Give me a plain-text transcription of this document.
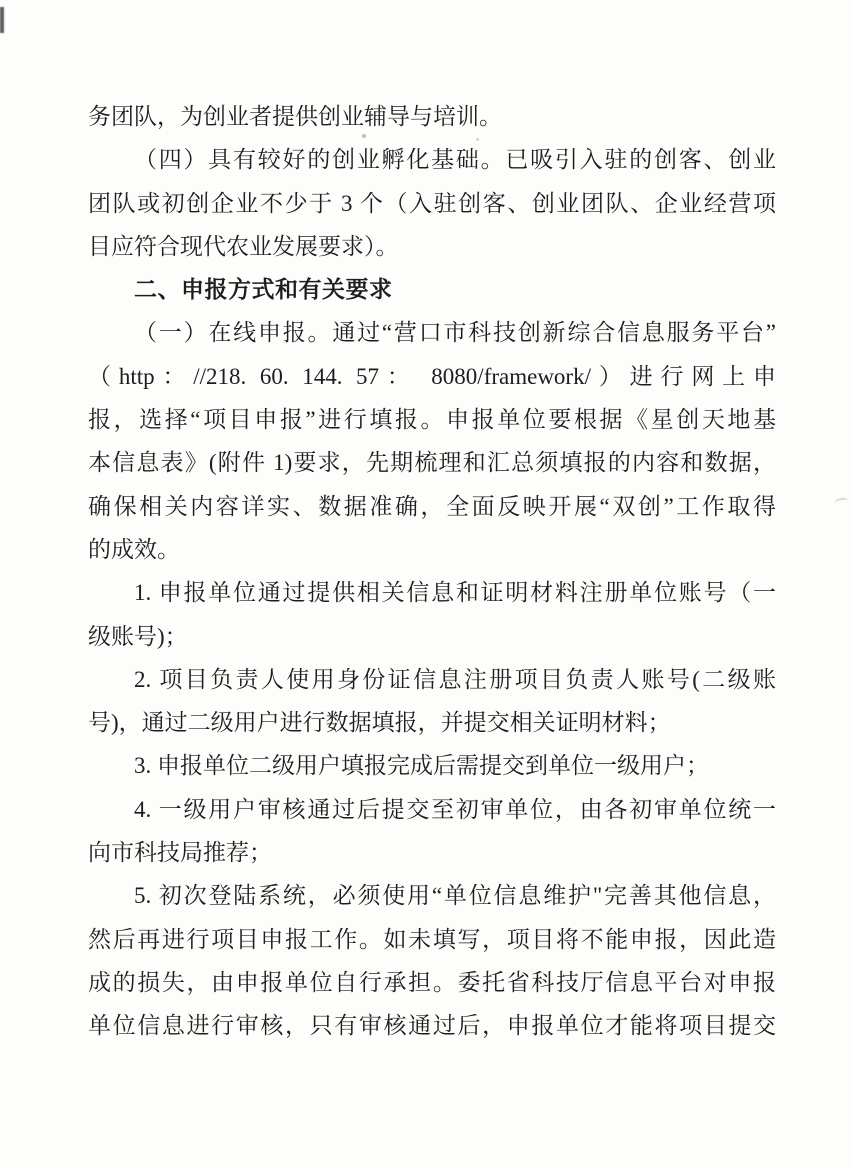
务团队，为创业者提供创业辅导与培训。
（四）具有较好的创业孵化基础。已吸引入驻的创客、创业
团队或初创企业不少于 3 个（入驻创客、创业团队、企业经营项
目应符合现代农业发展要求）。
二、申报方式和有关要求
（一）在线申报。通过“营口市科技创新综合信息服务平台”
（http：//218. 60. 144. 57： 8080/framework/）进行网上申
报，选择“项目申报”进行填报。申报单位要根据《星创天地基
本信息表》(附件 1)要求，先期梳理和汇总须填报的内容和数据，
确保相关内容详实、数据准确，全面反映开展“双创”工作取得
的成效。
1. 申报单位通过提供相关信息和证明材料注册单位账号（一
级账号)；
2. 项目负责人使用身份证信息注册项目负责人账号(二级账
号)，通过二级用户进行数据填报，并提交相关证明材料；
3. 申报单位二级用户填报完成后需提交到单位一级用户；
4. 一级用户审核通过后提交至初审单位，由各初审单位统一
向市科技局推荐；
5. 初次登陆系统，必须使用“单位信息维护"完善其他信息，
然后再进行项目申报工作。如未填写，项目将不能申报，因此造
成的损失，由申报单位自行承担。委托省科技厅信息平台对申报
单位信息进行审核，只有审核通过后，申报单位才能将项目提交
